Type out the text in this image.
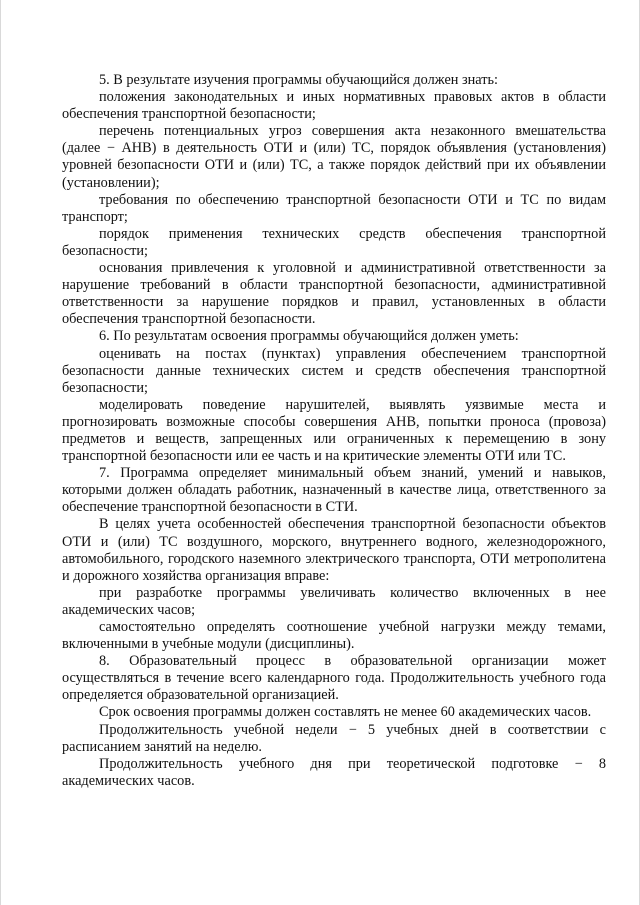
5. В результате изучения программы обучающийся должен знать:

положения законодательных и иных нормативных правовых актов в области обеспечения транспортной безопасности;

перечень потенциальных угроз совершения акта незаконного вмешательства (далее − АНВ) в деятельность ОТИ и (или) ТС, порядок объявления (установления) уровней безопасности ОТИ и (или) ТС, а также порядок действий при их объявлении (установлении);

требования по обеспечению транспортной безопасности ОТИ и ТС по видам транспорт;

порядок применения технических средств обеспечения транспортной безопасности;

основания привлечения к уголовной и административной ответственности за нарушение требований в области транспортной безопасности, административной ответственности за нарушение порядков и правил, установленных в области обеспечения транспортной безопасности.

6. По результатам освоения программы обучающийся должен уметь:

оценивать на постах (пунктах) управления обеспечением транспортной безопасности данные технических систем и средств обеспечения транспортной безопасности;

моделировать поведение нарушителей, выявлять уязвимые места и прогнозировать возможные способы совершения АНВ, попытки проноса (провоза) предметов и веществ, запрещенных или ограниченных к перемещению в зону транспортной безопасности или ее часть и на критические элементы ОТИ или ТС.

7. Программа определяет минимальный объем знаний, умений и навыков, которыми должен обладать работник, назначенный в качестве лица, ответственного за обеспечение транспортной безопасности в СТИ.

В целях учета особенностей обеспечения транспортной безопасности объектов ОТИ и (или) ТС воздушного, морского, внутреннего водного, железнодорожного, автомобильного, городского наземного электрического транспорта, ОТИ метрополитена и дорожного хозяйства организация вправе:

при разработке программы увеличивать количество включенных в нее академических часов;

самостоятельно определять соотношение учебной нагрузки между темами, включенными в учебные модули (дисциплины).

8. Образовательный процесс в образовательной организации может осуществляться в течение всего календарного года. Продолжительность учебного года определяется образовательной организацией.

Срок освоения программы должен составлять не менее 60 академических часов.

Продолжительность учебной недели − 5 учебных дней в соответствии с расписанием занятий на неделю.

Продолжительность учебного дня при теоретической подготовке − 8 академических часов.
